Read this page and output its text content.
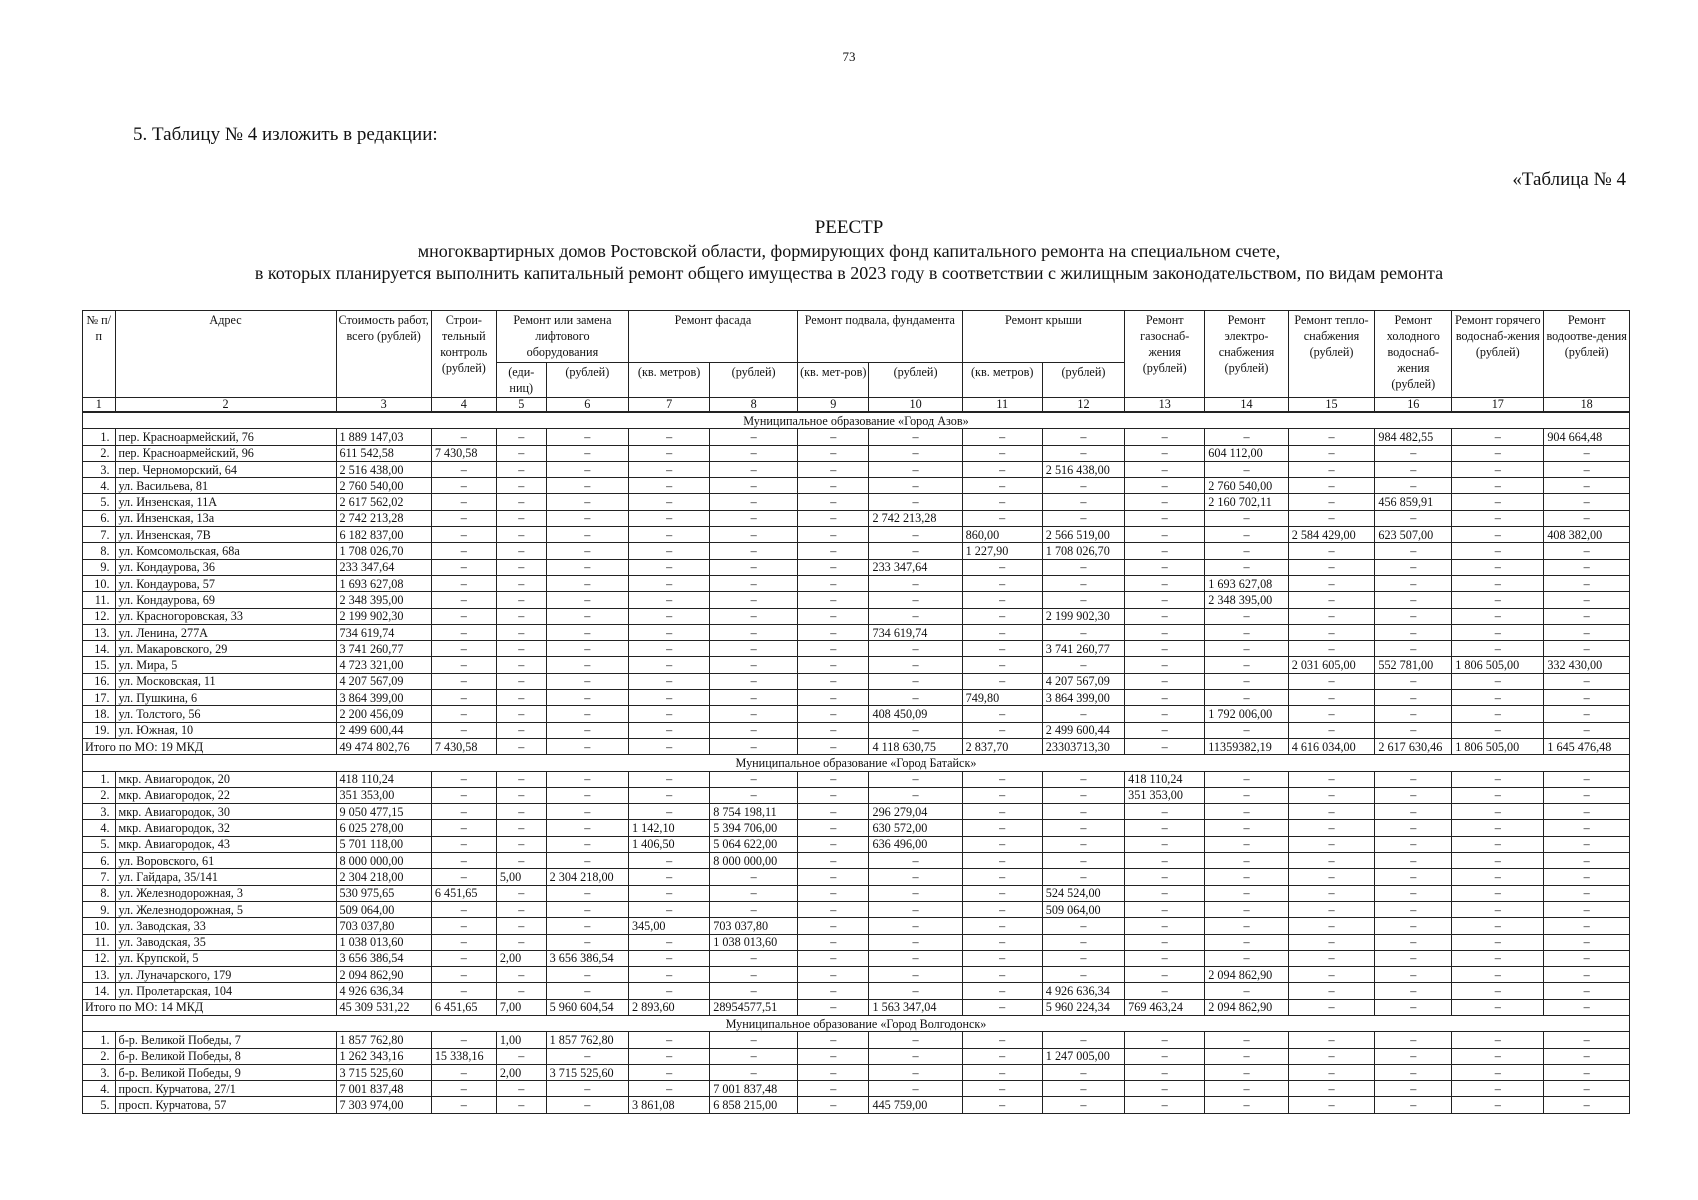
73
5. Таблицу № 4 изложить в редакции:
«Таблица № 4
РЕЕСТР
многоквартирных домов Ростовской области, формирующих фонд капитального ремонта на специальном счете,
в которых планируется выполнить капитальный ремонт общего имущества в 2023 году в соответствии с жилищным законодательством, по видам ремонта
№ п/п	Адрес	Стоимость работ, всего (рублей)	Строи-тельный контроль (рублей)	Ремонт или замена лифтового оборудования		Ремонт фасада		Ремонт подвала, фундамента		Ремонт крыши		Ремонт газоснаб-жения (рублей)	Ремонт электро-снабжения (рублей)	Ремонт тепло-снабжения (рублей)	Ремонт холодного водоснаб-жения (рублей)	Ремонт горячего водоснаб-жения (рублей)	Ремонт водоотве-дения (рублей)
				(еди-ниц)	(рублей)	(кв. метров)	(рублей)	(кв. мет-ров)	(рублей)	(кв. метров)	(рублей)						
1	2	3	4	5	6	7	8	9	10	11	12	13	14	15	16	17	18
Муниципальное образование «Город Азов»																	
1.	пер. Красноармейский, 76	1 889 147,03	–	–	–	–	–	–	–	–	–	–	–	–	984 482,55	–	904 664,48
2.	пер. Красноармейский, 96	611 542,58	7 430,58	–	–	–	–	–	–	–	–	–	604 112,00	–	–	–	–
3.	пер. Черноморский, 64	2 516 438,00	–	–	–	–	–	–	–	–	2 516 438,00	–	–	–	–	–	–
4.	ул. Васильева, 81	2 760 540,00	–	–	–	–	–	–	–	–	–	–	2 760 540,00	–	–	–	–
5.	ул. Инзенская, 11А	2 617 562,02	–	–	–	–	–	–	–	–	–	–	2 160 702,11	–	456 859,91	–	–
6.	ул. Инзенская, 13а	2 742 213,28	–	–	–	–	–	–	2 742 213,28	–	–	–	–	–	–	–	–
7.	ул. Инзенская, 7В	6 182 837,00	–	–	–	–	–	–	–	860,00	2 566 519,00	–	–	2 584 429,00	623 507,00	–	408 382,00
8.	ул. Комсомольская, 68а	1 708 026,70	–	–	–	–	–	–	–	1 227,90	1 708 026,70	–	–	–	–	–	–
9.	ул. Кондаурова, 36	233 347,64	–	–	–	–	–	–	233 347,64	–	–	–	–	–	–	–	–
10.	ул. Кондаурова, 57	1 693 627,08	–	–	–	–	–	–	–	–	–	–	1 693 627,08	–	–	–	–
11.	ул. Кондаурова, 69	2 348 395,00	–	–	–	–	–	–	–	–	–	–	2 348 395,00	–	–	–	–
12.	ул. Красногоровская, 33	2 199 902,30	–	–	–	–	–	–	–	–	2 199 902,30	–	–	–	–	–	–
13.	ул. Ленина, 277А	734 619,74	–	–	–	–	–	–	734 619,74	–	–	–	–	–	–	–	–
14.	ул. Макаровского, 29	3 741 260,77	–	–	–	–	–	–	–	–	3 741 260,77	–	–	–	–	–	–
15.	ул. Мира, 5	4 723 321,00	–	–	–	–	–	–	–	–	–	–	–	2 031 605,00	552 781,00	1 806 505,00	332 430,00
16.	ул. Московская, 11	4 207 567,09	–	–	–	–	–	–	–	–	4 207 567,09	–	–	–	–	–	–
17.	ул. Пушкина, 6	3 864 399,00	–	–	–	–	–	–	–	749,80	3 864 399,00	–	–	–	–	–	–
18.	ул. Толстого, 56	2 200 456,09	–	–	–	–	–	–	408 450,09	–	–	–	1 792 006,00	–	–	–	–
19.	ул. Южная, 10	2 499 600,44	–	–	–	–	–	–	–	–	2 499 600,44	–	–	–	–	–	–
Итого по МО: 19 МКД		49 474 802,76	7 430,58	–	–	–	–	–	4 118 630,75	2 837,70	23303713,30	–	11359382,19	4 616 034,00	2 617 630,46	1 806 505,00	1 645 476,48
Муниципальное образование «Город Батайск»																	
1.	мкр. Авиагородок, 20	418 110,24	–	–	–	–	–	–	–	–	–	418 110,24	–	–	–	–	–
2.	мкр. Авиагородок, 22	351 353,00	–	–	–	–	–	–	–	–	–	351 353,00	–	–	–	–	–
3.	мкр. Авиагородок, 30	9 050 477,15	–	–	–	–	8 754 198,11	–	296 279,04	–	–	–	–	–	–	–	–
4.	мкр. Авиагородок, 32	6 025 278,00	–	–	–	1 142,10	5 394 706,00	–	630 572,00	–	–	–	–	–	–	–	–
5.	мкр. Авиагородок, 43	5 701 118,00	–	–	–	1 406,50	5 064 622,00	–	636 496,00	–	–	–	–	–	–	–	–
6.	ул. Воровского, 61	8 000 000,00	–	–	–	–	8 000 000,00	–	–	–	–	–	–	–	–	–	–
7.	ул. Гайдара, 35/141	2 304 218,00	–	5,00	2 304 218,00	–	–	–	–	–	–	–	–	–	–	–	–
8.	ул. Железнодорожная, 3	530 975,65	6 451,65	–	–	–	–	–	–	–	524 524,00	–	–	–	–	–	–
9.	ул. Железнодорожная, 5	509 064,00	–	–	–	–	–	–	–	–	509 064,00	–	–	–	–	–	–
10.	ул. Заводская, 33	703 037,80	–	–	–	345,00	703 037,80	–	–	–	–	–	–	–	–	–	–
11.	ул. Заводская, 35	1 038 013,60	–	–	–	–	1 038 013,60	–	–	–	–	–	–	–	–	–	–
12.	ул. Крупской, 5	3 656 386,54	–	2,00	3 656 386,54	–	–	–	–	–	–	–	–	–	–	–	–
13.	ул. Луначарского, 179	2 094 862,90	–	–	–	–	–	–	–	–	–	–	2 094 862,90	–	–	–	–
14.	ул. Пролетарская, 104	4 926 636,34	–	–	–	–	–	–	–	–	4 926 636,34	–	–	–	–	–	–
Итого по МО: 14 МКД		45 309 531,22	6 451,65	7,00	5 960 604,54	2 893,60	28954577,51	–	1 563 347,04	–	5 960 224,34	769 463,24	2 094 862,90	–	–	–	–
Муниципальное образование «Город Волгодонск»																	
1.	б-р. Великой Победы, 7	1 857 762,80	–	1,00	1 857 762,80	–	–	–	–	–	–	–	–	–	–	–	–
2.	б-р. Великой Победы, 8	1 262 343,16	15 338,16	–	–	–	–	–	–	–	1 247 005,00	–	–	–	–	–	–
3.	б-р. Великой Победы, 9	3 715 525,60	–	2,00	3 715 525,60	–	–	–	–	–	–	–	–	–	–	–	–
4.	просп. Курчатова, 27/1	7 001 837,48	–	–	–	–	7 001 837,48	–	–	–	–	–	–	–	–	–	–
5.	просп. Курчатова, 57	7 303 974,00	–	–	–	3 861,08	6 858 215,00	–	445 759,00	–	–	–	–	–	–	–	–
